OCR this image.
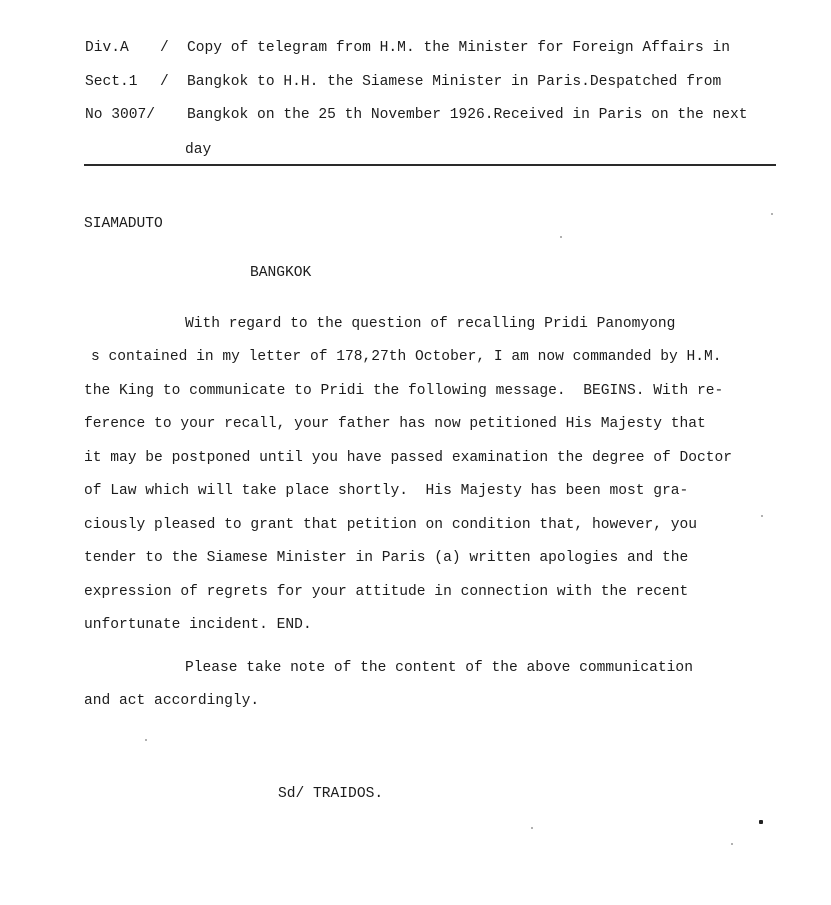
Div.A / Copy of telegram from H.M. the Minister for Foreign Affairs in
Sect.1 / Bangkok to H.H. the Siamese Minister in Paris.Despatched from
No 3007/ Bangkok on the 25 th November 1926.Received in Paris on the next
day
SIAMADUTO
BANGKOK
With regard to the question of recalling Pridi Panomyong
s contained in my letter of 178,27th October, I am now commanded by H.M.
the King to communicate to Pridi the following message.  BEGINS. With re-
ference to your recall, your father has now petitioned His Majesty that
it may be postponed until you have passed examination the degree of Doctor
of Law which will take place shortly.  His Majesty has been most gra-
ciously pleased to grant that petition on condition that, however, you
tender to the Siamese Minister in Paris (a) written apologies and the
expression of regrets for your attitude in connection with the recent
unfortunate incident. END.
Please take note of the content of the above communication
and act accordingly.
Sd/ TRAIDOS.
